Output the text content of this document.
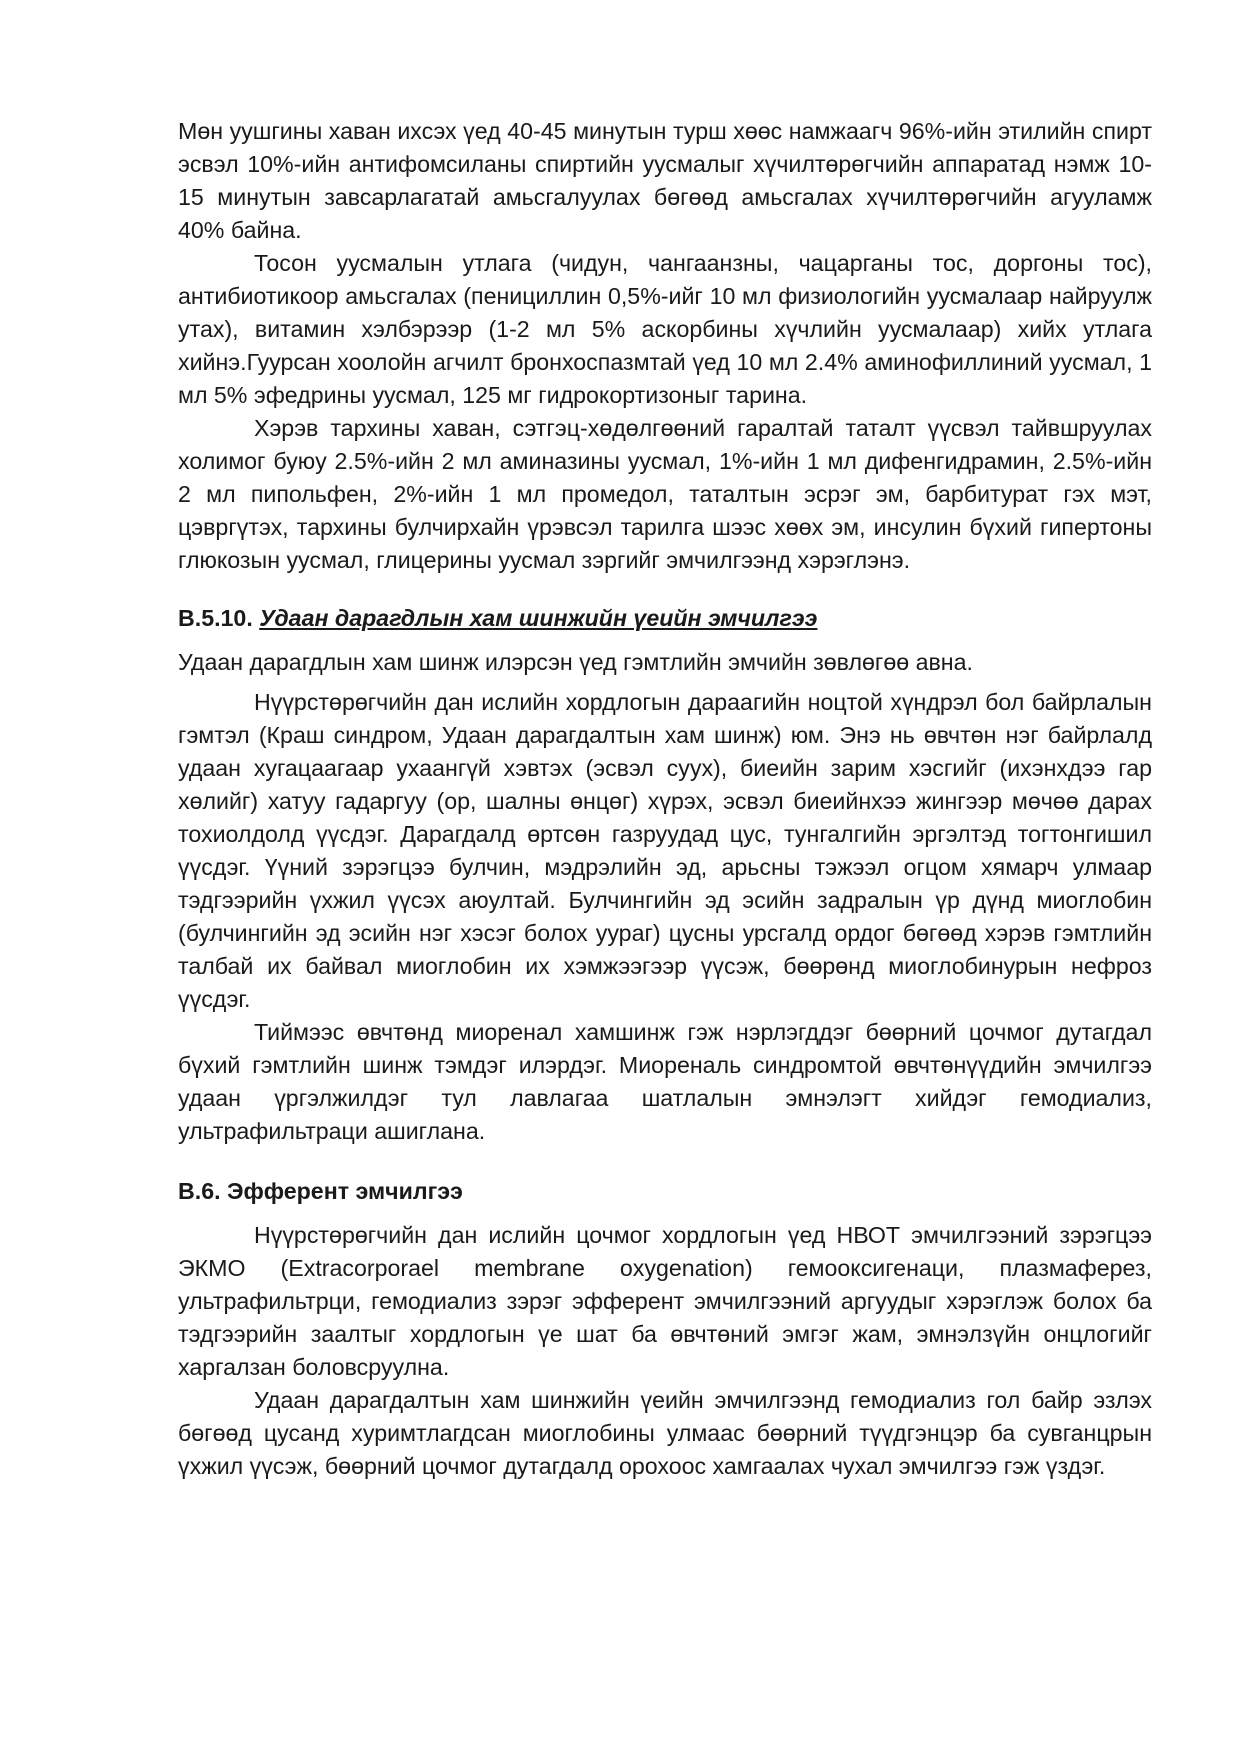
Мөн уушгины хаван ихсэх үед 40-45 минутын турш хөөс намжаагч 96%-ийн этилийн спирт эсвэл 10%-ийн антифомсиланы спиртийн уусмалыг хүчилтөрөгчийн аппаратад нэмж 10-15 минутын завсарлагатай амьсгалуулах бөгөөд амьсгалах хүчилтөрөгчийн агууламж 40% байна.

Тосон уусмалын утлага (чидун, чангаанзны, чацарганы тос, доргоны тос), антибиотикоор амьсгалах (пенициллин 0,5%-ийг 10 мл физиологийн уусмалаар найруулж утах), витамин хэлбэрээр (1-2 мл 5% аскорбины хүчлийн уусмалаар) хийх утлага хийнэ.Гуурсан хоолойн агчилт бронхоспазмтай үед 10 мл 2.4% аминофиллиний уусмал, 1 мл 5% эфедрины уусмал, 125 мг гидрокортизоныг тарина.

Хэрэв тархины хаван, сэтгэц-хөдөлгөөний гаралтай таталт үүсвэл тайвшруулах холимог буюу 2.5%-ийн 2 мл аминазины уусмал, 1%-ийн 1 мл дифенгидрамин, 2.5%-ийн 2 мл пипольфен, 2%-ийн 1 мл промедол, таталтын эсрэг эм, барбитурат гэх мэт, цэвргүтэх, тархины булчирхайн үрэвсэл тарилга шээс хөөх эм, инсулин бүхий гипертоны глюкозын уусмал, глицерины уусмал зэргийг эмчилгээнд хэрэглэнэ.

B.5.10. Удаан дарагдлын хам шинжийн үеийн эмчилгээ

Удаан дарагдлын хам шинж илэрсэн үед гэмтлийн эмчийн зөвлөгөө авна.

Нүүрстөрөгчийн дан ислийн хордлогын дараагийн ноцтой хүндрэл бол байрлалын гэмтэл (Краш синдром, Удаан дарагдалтын хам шинж) юм. Энэ нь өвчтөн нэг байрлалд удаан хугацаагаар ухаангүй хэвтэх (эсвэл суух), биеийн зарим хэсгийг (ихэнхдээ гар хөлийг) хатуу гадаргуу (ор, шалны өнцөг) хүрэх, эсвэл биеийнхээ жингээр мөчөө дарах тохиолдолд үүсдэг. Дарагдалд өртсөн газруудад цус, тунгалгийн эргэлтэд тогтонгишил үүсдэг. Үүний зэрэгцээ булчин, мэдрэлийн эд, арьсны тэжээл огцом хямарч улмаар тэдгээрийн үхжил үүсэх аюултай. Булчингийн эд эсийн задралын үр дүнд миоглобин (булчингийн эд эсийн нэг хэсэг болох уураг) цусны урсгалд ордог бөгөөд хэрэв гэмтлийн талбай их байвал миоглобин их хэмжээгээр үүсэж, бөөрөнд миоглобинурын нефроз үүсдэг.

Тиймээс өвчтөнд миоренал хамшинж гэж нэрлэгддэг бөөрний цочмог дутагдал бүхий гэмтлийн шинж тэмдэг илэрдэг. Миореналь синдромтой өвчтөнүүдийн эмчилгээ удаан үргэлжилдэг тул лавлагаа шатлалын эмнэлэгт хийдэг гемодиализ, ультрафильтраци ашиглана.

B.6. Эфферент эмчилгээ

Нүүрстөрөгчийн дан ислийн цочмог хордлогын үед НВОТ эмчилгээний зэрэгцээ ЭКМО (Extracorporael membrane oxygenation) гемооксигенаци, плазмаферез, ультрафильтрци, гемодиализ зэрэг эфферент эмчилгээний аргуудыг хэрэглэж болох ба тэдгээрийн заалтыг хордлогын үе шат ба өвчтөний эмгэг жам, эмнэлзүйн онцлогийг харгалзан боловсруулна.

Удаан дарагдалтын хам шинжийн үеийн эмчилгээнд гемодиализ гол байр эзлэх бөгөөд цусанд хуримтлагдсан миоглобины улмаас бөөрний түүдгэнцэр ба сувганцрын үхжил үүсэж, бөөрний цочмог дутагдалд орохоос хамгаалах чухал эмчилгээ гэж үздэг.
